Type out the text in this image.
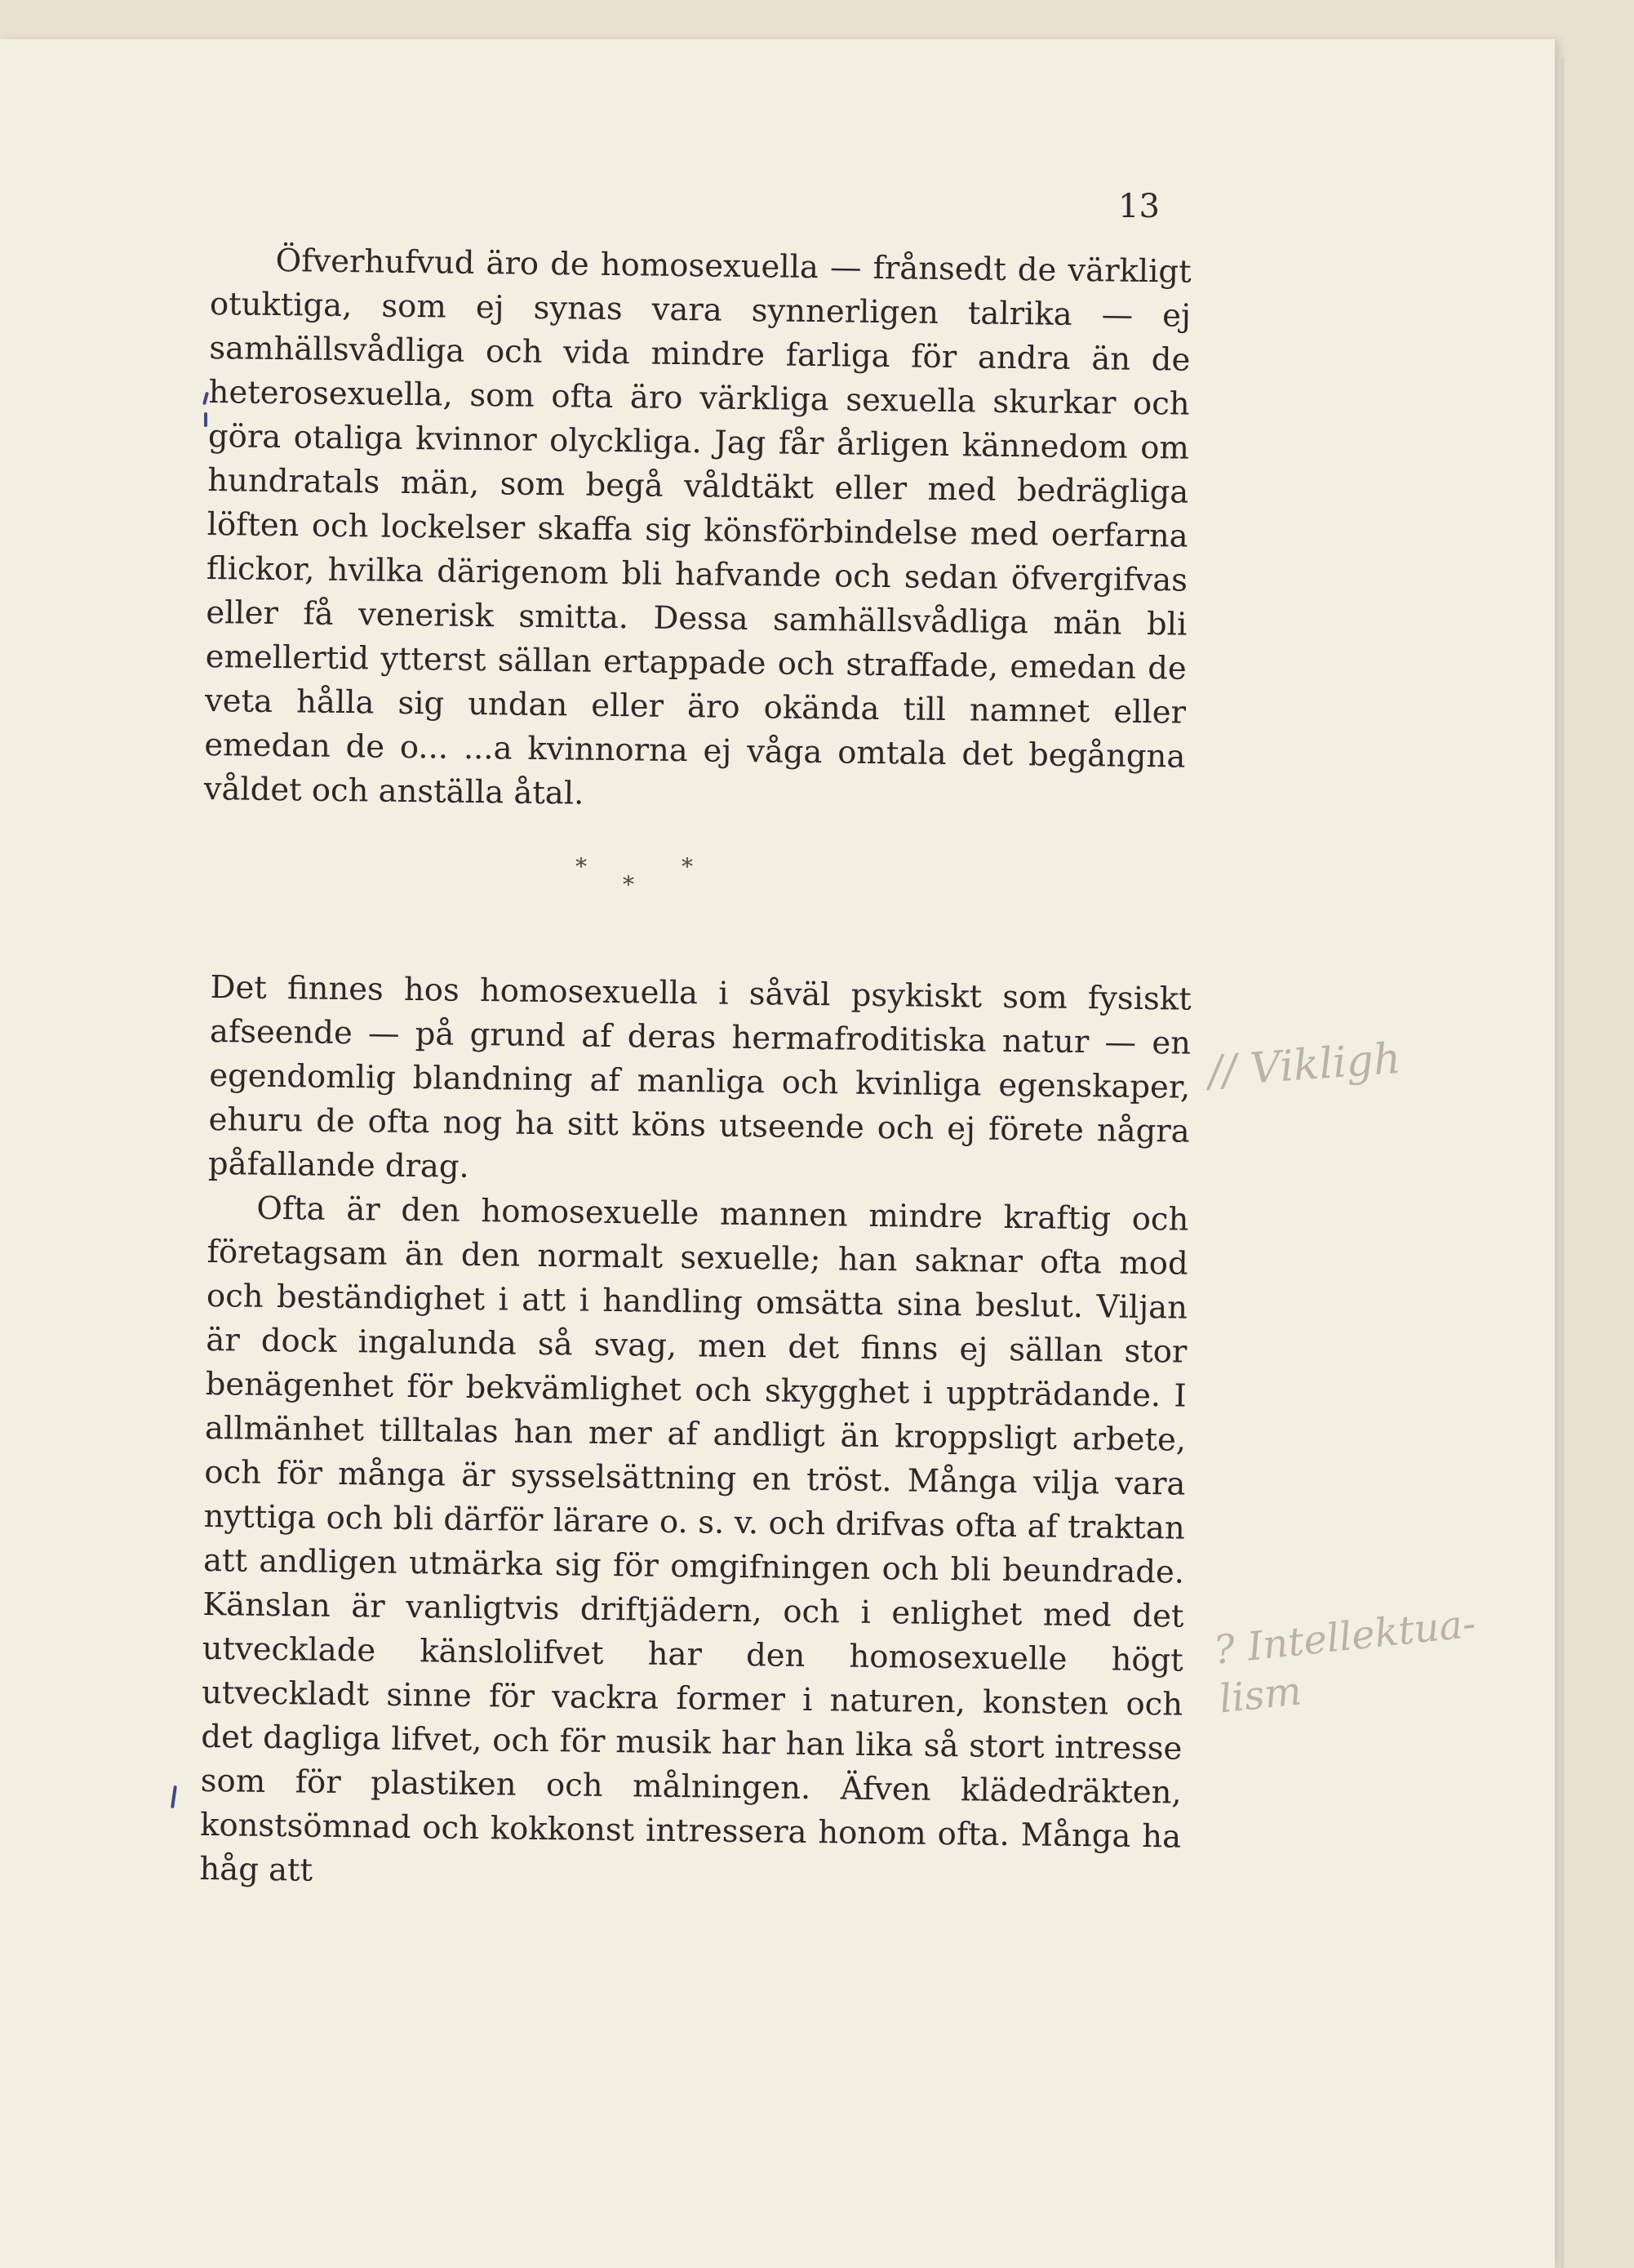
13

Öfverhufvud äro de homosexuella — frånsedt de värkligt otuktiga, som ej synas vara synnerligen talrika — ej samhällsvådliga och vida mindre farliga för andra än de heterosexuella, som ofta äro värkliga sexuella skurkar och göra otaliga kvinnor olyckliga. Jag får årligen kännedom om hundratals män, som begå våldtäkt eller med bedrägliga löften och lockelser skaffa sig könsförbindelse med oerfarna flickor, hvilka därigenom bli hafvande och sedan öfvergifvas eller få venerisk smitta. Dessa samhällsvådliga män bli emellertid ytterst sällan ertappade och straffade, emedan de veta hålla sig undan eller äro okända till namnet eller emedan de o... ...a kvinnorna ej våga omtala det begångna våldet och anställa åtal.

*
*
*

Det finnes hos homosexuella i såväl psykiskt som fysiskt afseende — på grund af deras hermafroditiska natur — en egendomlig blandning af manliga och kvinliga egenskaper, ehuru de ofta nog ha sitt köns utseende och ej förete några påfallande drag.

Ofta är den homosexuelle mannen mindre kraftig och företagsam än den normalt sexuelle; han saknar ofta mod och beständighet i att i handling omsätta sina beslut. Viljan är dock ingalunda så svag, men det finns ej sällan stor benägenhet för bekvämlighet och skygghet i uppträdande. I allmänhet tilltalas han mer af andligt än kroppsligt arbete, och för många är sysselsättning en tröst. Många vilja vara nyttiga och bli därför lärare o. s. v. och drifvas ofta af traktan att andligen utmärka sig för omgifningen och bli beundrade. Känslan är vanligtvis driftjädern, och i enlighet med det utvecklade känslolifvet har den homosexuelle högt utveckladt sinne för vackra former i naturen, konsten och det dagliga lifvet, och för musik har han lika så stort intresse som för plastiken och målningen. Äfven klädedräkten, konstsömnad och kokkonst intressera honom ofta. Många ha håg att

// Vikligh
? Intellektua-
lism
